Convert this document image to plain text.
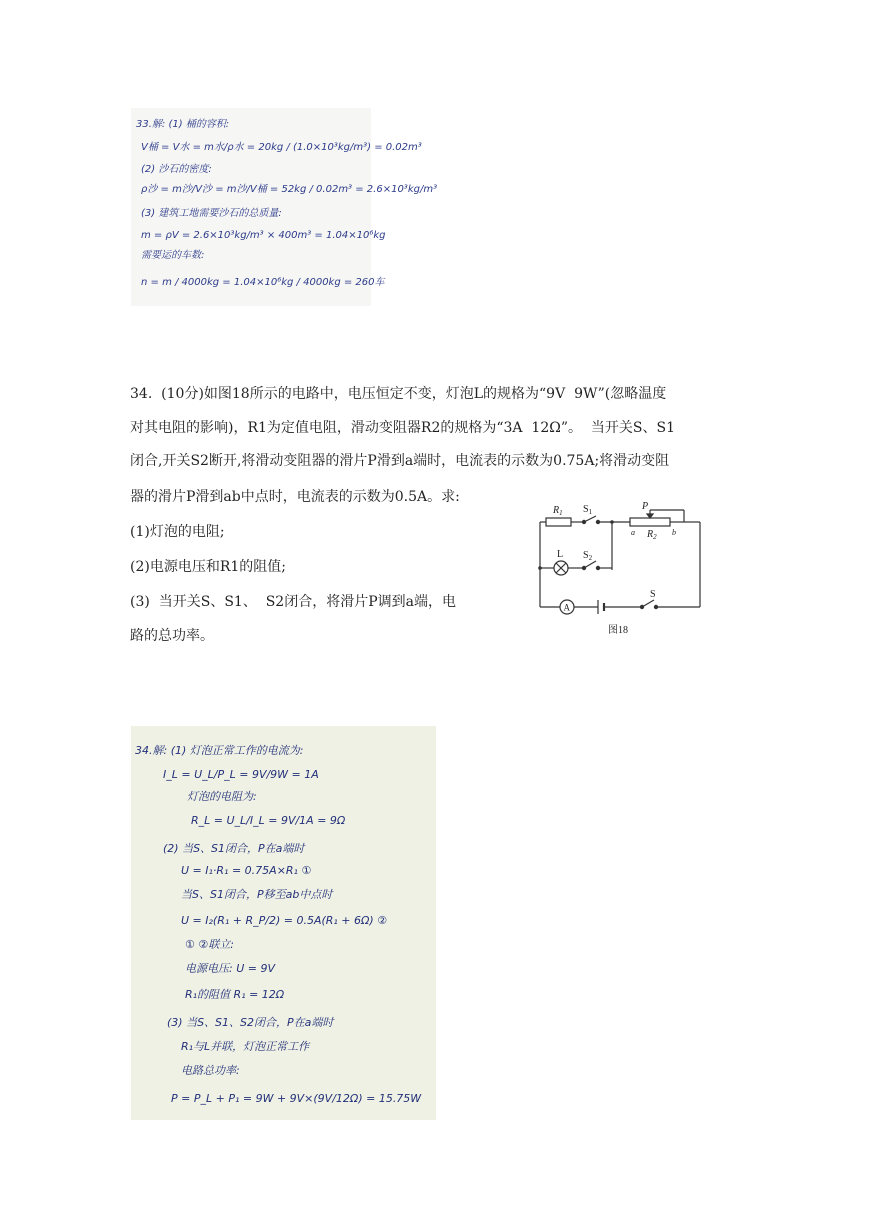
33.解: (1) 桶的容积:
V桶 = V水 = m水/ρ水 = 20kg / (1.0×10³kg/m³) = 0.02m³
(2) 沙石的密度:
ρ沙 = m沙/V沙 = m沙/V桶 = 52kg / 0.02m³ = 2.6×10³kg/m³
(3) 建筑工地需要沙石的总质量:
m = ρV = 2.6×10³kg/m³ × 400m³ = 1.04×10⁶kg
需要运的车数:
n = m / 4000kg = 1.04×10⁶kg / 4000kg = 260车
34.  (10分)如图18所示的电路中，电压恒定不变，灯泡L的规格为“9V  9W”(忽略温度
对其电阻的影响)，R1为定值电阻，滑动变阻器R2的规格为“3A  12Ω”。  当开关S、S1
闭合,开关S2断开,将滑动变阻器的滑片P滑到a端时，电流表的示数为0.75A;将滑动变阻
器的滑片P滑到ab中点时，电流表的示数为0.5A。求:
(1)灯泡的电阻;
(2)电源电压和R1的阻值;
(3)  当开关S、S1、  S2闭合，将滑片P调到a端，电
路的总功率。
$R_1$ $S_1$	P
a $R_2$ b
L $S_2$
A
S
图18
34.解: (1) 灯泡正常工作的电流为:
I_L = U_L/P_L = 9V/9W = 1A
灯泡的电阻为:
R_L = U_L/I_L = 9V/1A = 9Ω
(2) 当S、S1闭合，P在a端时
U = I₁·R₁ = 0.75A×R₁ ①
当S、S1闭合，P移至ab中点时
U = I₂(R₁ + R_P/2) = 0.5A(R₁ + 6Ω) ②
① ②联立:
电源电压: U = 9V
R₁的阻值 R₁ = 12Ω
(3) 当S、S1、S2闭合，P在a端时
R₁与L并联，灯泡正常工作
电路总功率:
P = P_L + P₁ = 9W + 9V×(9V/12Ω) = 15.75W
